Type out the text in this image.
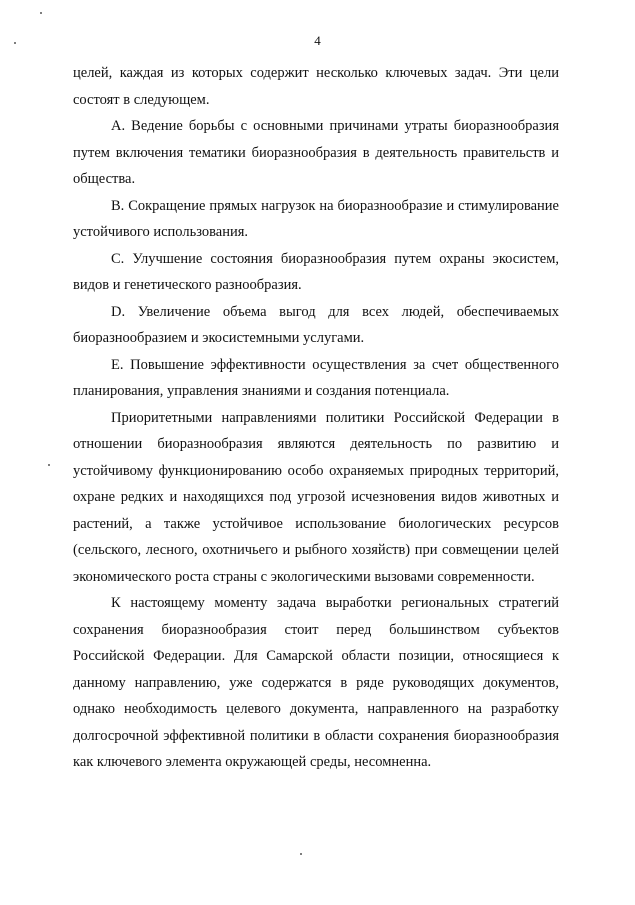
4

целей, каждая из которых содержит несколько ключевых задач. Эти цели состоят в следующем.

A. Ведение борьбы с основными причинами утраты биоразнообразия путем включения тематики биоразнообразия в деятельность правительств и общества.

B. Сокращение прямых нагрузок на биоразнообразие и стимулирование устойчивого использования.

C. Улучшение состояния биоразнообразия путем охраны экосистем, видов и генетического разнообразия.

D. Увеличение объема выгод для всех людей, обеспечиваемых биоразнообразием и экосистемными услугами.

E. Повышение эффективности осуществления за счет общественного планирования, управления знаниями и создания потенциала.

Приоритетными направлениями политики Российской Федерации в отношении биоразнообразия являются деятельность по развитию и устойчивому функционированию особо охраняемых природных территорий, охране редких и находящихся под угрозой исчезновения видов животных и растений, а также устойчивое использование биологических ресурсов (сельского, лесного, охотничьего и рыбного хозяйств) при совмещении целей экономического роста страны с экологическими вызовами современности.

К настоящему моменту задача выработки региональных стратегий сохранения биоразнообразия стоит перед большинством субъектов Российской Федерации. Для Самарской области позиции, относящиеся к данному направлению, уже содержатся в ряде руководящих документов, однако необходимость целевого документа, направленного на разработку долгосрочной эффективной политики в области сохранения биоразнообразия как ключевого элемента окружающей среды, несомненна.
